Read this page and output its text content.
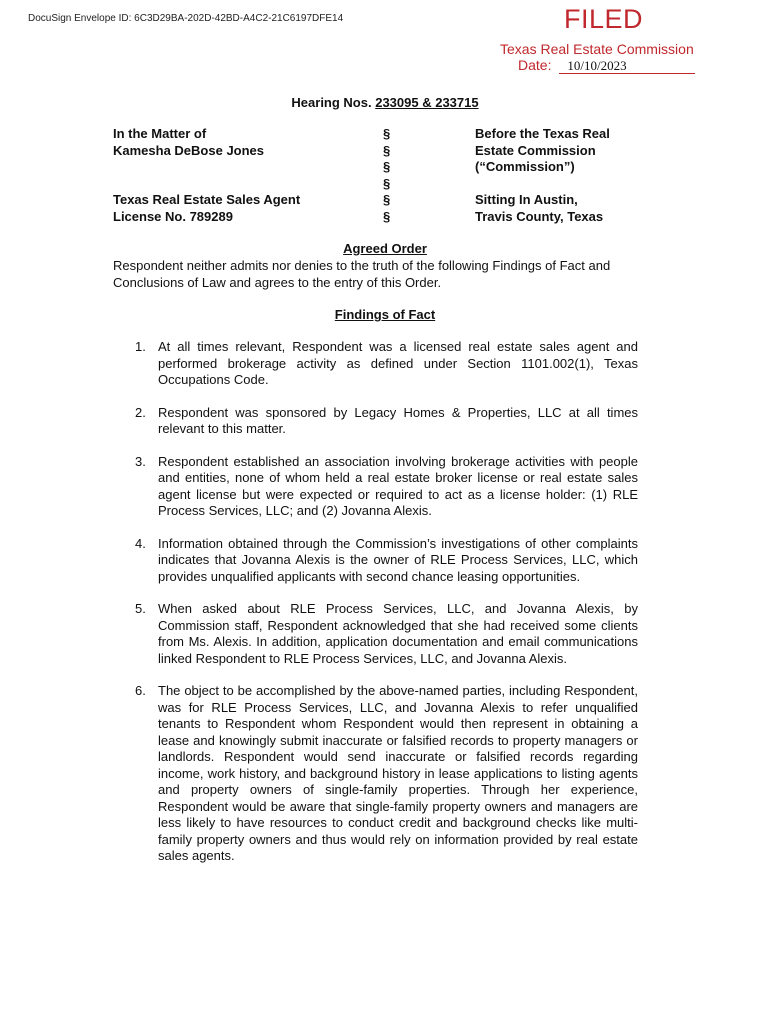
DocuSign Envelope ID: 6C3D29BA-202D-42BD-A4C2-21C6197DFE14	FILED
Texas Real Estate Commission
Date: 10/10/2023
Hearing Nos. 233095 & 233715
In the Matter of
Kamesha DeBose Jones
Texas Real Estate Sales Agent
License No. 789289
§
§
§
§
§
§
Before the Texas Real
Estate Commission
(“Commission”)
Sitting In Austin,
Travis County, Texas
Agreed Order
Respondent neither admits nor denies to the truth of the following Findings of Fact and Conclusions of Law and agrees to the entry of this Order.
Findings of Fact
1. At all times relevant, Respondent was a licensed real estate sales agent and performed brokerage activity as defined under Section 1101.002(1), Texas Occupations Code.
2. Respondent was sponsored by Legacy Homes & Properties, LLC at all times relevant to this matter.
3. Respondent established an association involving brokerage activities with people and entities, none of whom held a real estate broker license or real estate sales agent license but were expected or required to act as a license holder: (1) RLE Process Services, LLC; and (2) Jovanna Alexis.
4. Information obtained through the Commission’s investigations of other complaints indicates that Jovanna Alexis is the owner of RLE Process Services, LLC, which provides unqualified applicants with second chance leasing opportunities.
5. When asked about RLE Process Services, LLC, and Jovanna Alexis, by Commission staff, Respondent acknowledged that she had received some clients from Ms. Alexis. In addition, application documentation and email communications linked Respondent to RLE Process Services, LLC, and Jovanna Alexis.
6. The object to be accomplished by the above-named parties, including Respondent, was for RLE Process Services, LLC, and Jovanna Alexis to refer unqualified tenants to Respondent whom Respondent would then represent in obtaining a lease and knowingly submit inaccurate or falsified records to property managers or landlords. Respondent would send inaccurate or falsified records regarding income, work history, and background history in lease applications to listing agents and property owners of single-family properties. Through her experience, Respondent would be aware that single-family property owners and managers are less likely to have resources to conduct credit and background checks like multi-family property owners and thus would rely on information provided by real estate sales agents.
